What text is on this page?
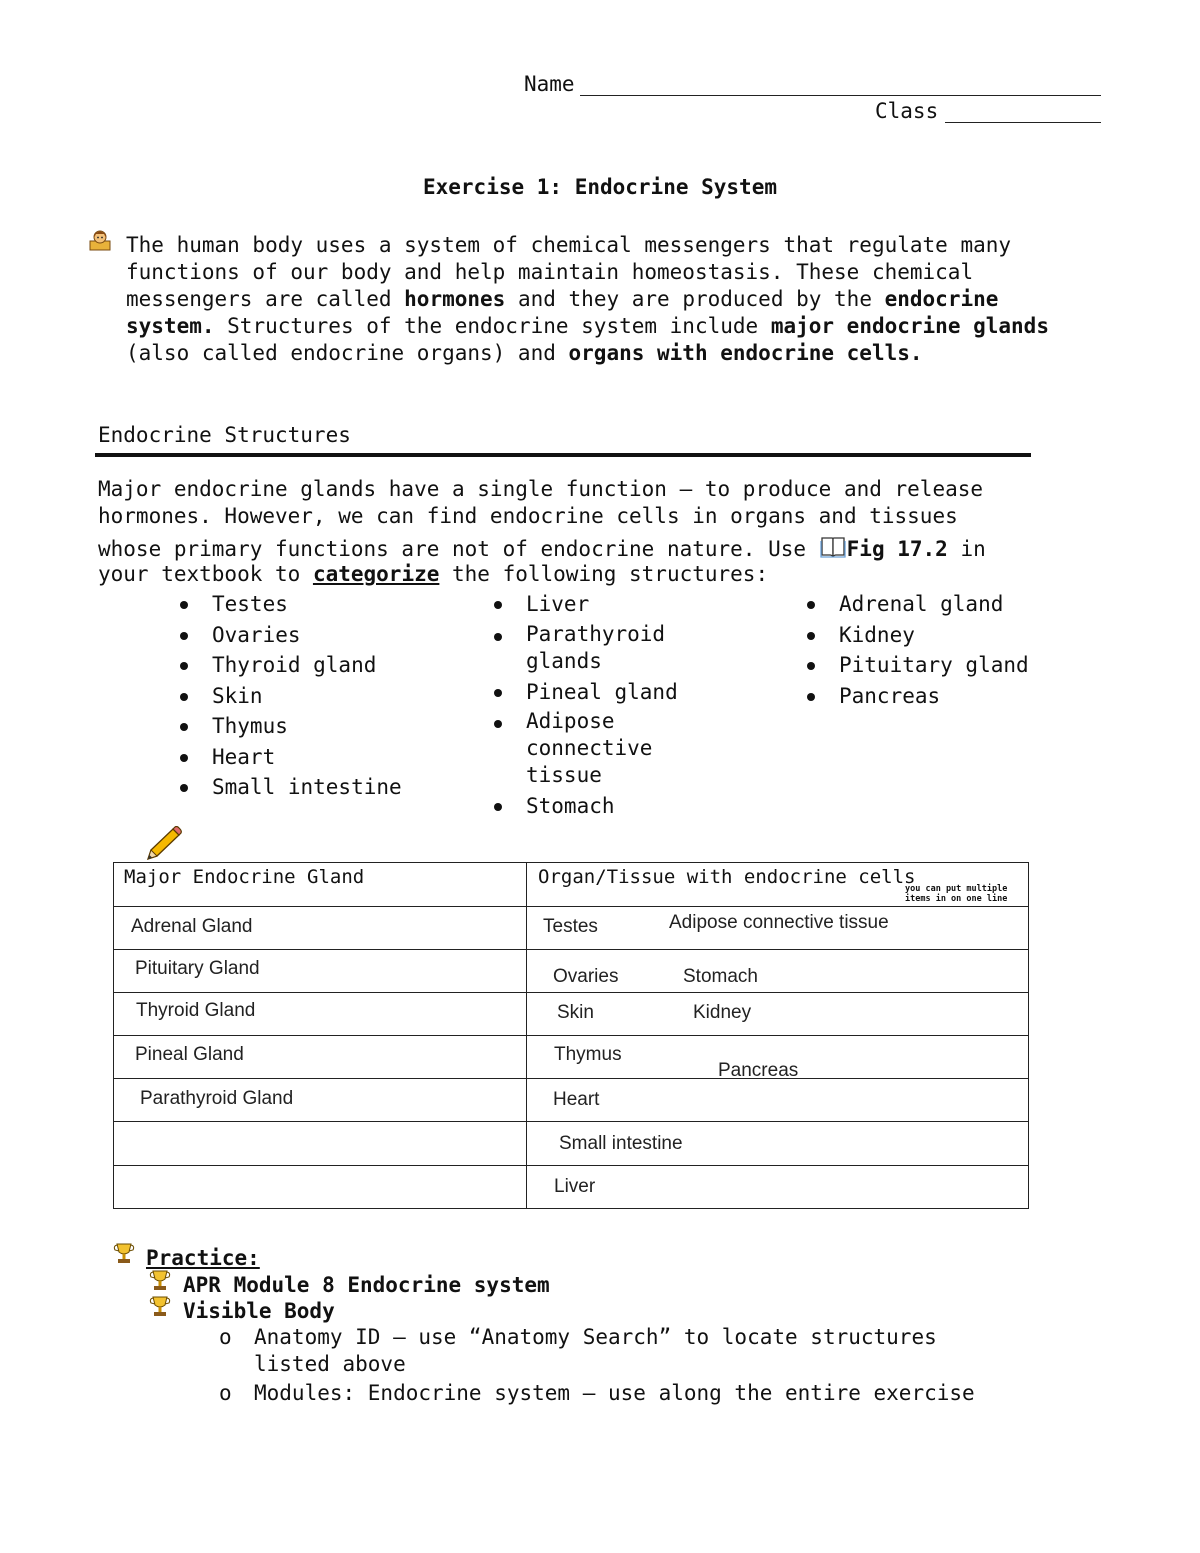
Name
Class
Exercise 1: Endocrine System
The human body uses a system of chemical messengers that regulate many functions of our body and help maintain homeostasis. These chemical messengers are called hormones and they are produced by the endocrine system. Structures of the endocrine system include major endocrine glands (also called endocrine organs) and organs with endocrine cells.
Endocrine Structures
Major endocrine glands have a single function – to produce and release
hormones. However, we can find endocrine cells in organs and tissues
whose primary functions are not of endocrine nature. Use Fig 17.2 in
your textbook to categorize the following structures:
Testes
Ovaries
Thyroid gland
Skin
Thymus
Heart
Small intestine
Liver
Parathyroid glands
Pineal gland
Adipose connective tissue
Stomach
Adrenal gland
Kidney
Pituitary gland
Pancreas
Major Endocrine Gland	Organ/Tissue with endocrine cells
you can put multiple
items in on one line

Adrenal Gland	Testes Adipose connective tissue

Pituitary Gland	Ovaries Stomach

Thyroid Gland	Skin Kidney

Pineal Gland	Thymus
Pancreas

Parathyroid Gland	Heart

	Small intestine

	Liver
Practice:
APR Module 8 Endocrine system
Visible Body
o Anatomy ID – use “Anatomy Search” to locate structures
listed above
o Modules: Endocrine system – use along the entire exercise
